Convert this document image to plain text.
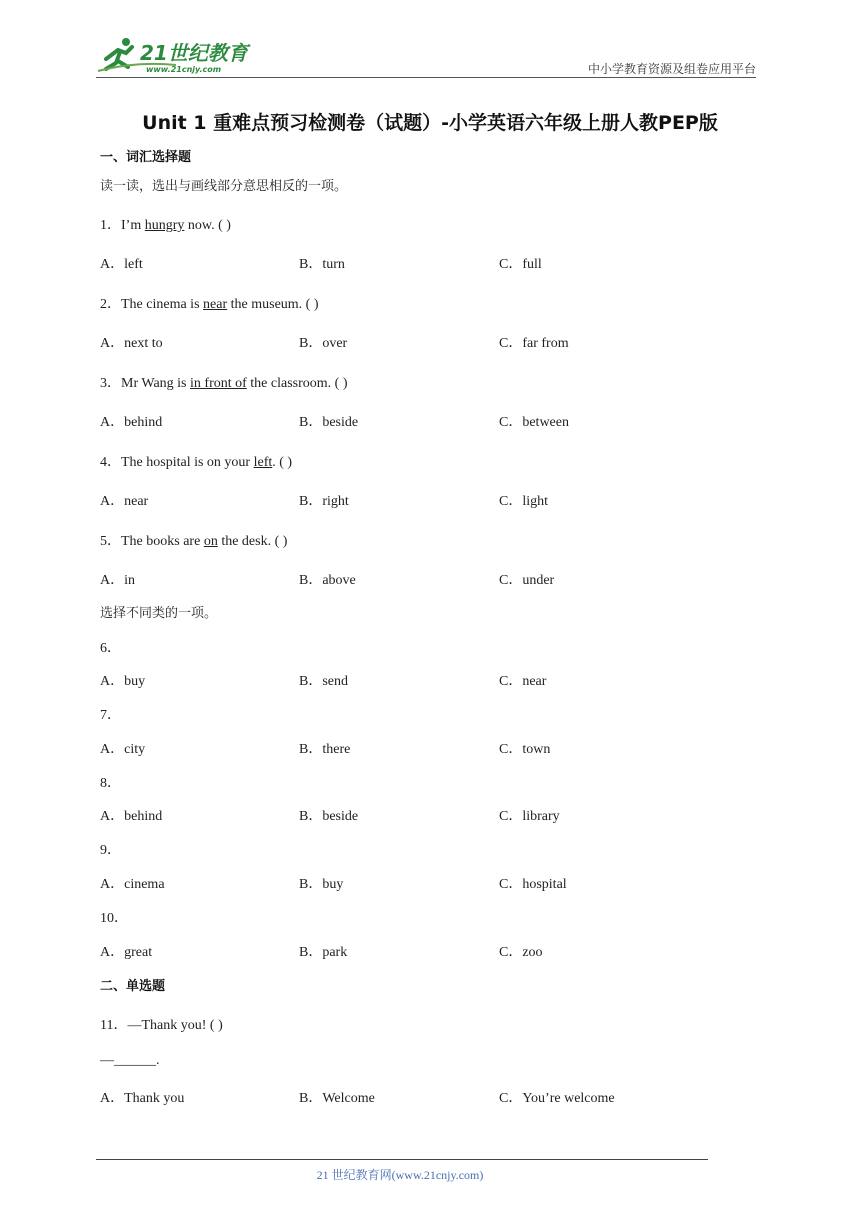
21世纪教育
www.21cnjy.com	中小学教育资源及组卷应用平台
Unit 1 重难点预习检测卷（试题）-小学英语六年级上册人教PEP版
一、词汇选择题
读一读，选出与画线部分意思相反的一项。
1．I’m hungry now. ( )
A．left	B．turn	C．full
2．The cinema is near the museum. ( )
A．next to	B．over	C．far from
3．Mr Wang is in front of the classroom. ( )
A．behind	B．beside	C．between
4．The hospital is on your left. ( )
A．near	B．right	C．light
5．The books are on the desk. ( )
A．in	B．above	C．under
选择不同类的一项。
6．
A．buy	B．send	C．near
7．
A．city	B．there	C．town
8．
A．behind	B．beside	C．library
9．
A．cinema	B．buy	C．hospital
10．
A．great	B．park	C．zoo
二、单选题
11．—Thank you! ( )
—______.
A．Thank you	B．Welcome	C．You’re welcome
21 世纪教育网(www.21cnjy.com)
